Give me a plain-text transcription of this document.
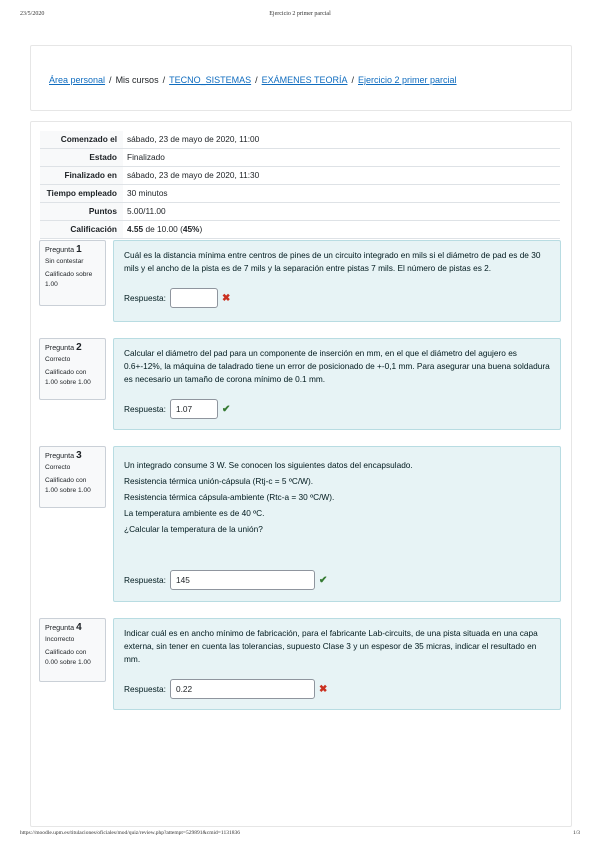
23/5/2020	Ejercicio 2 primer parcial
Área personal / Mis cursos / TECNO_SISTEMAS / EXÁMENES TEORÍA / Ejercicio 2 primer parcial
Comenzado el	sábado, 23 de mayo de 2020, 11:00
Estado	Finalizado
Finalizado en	sábado, 23 de mayo de 2020, 11:30
Tiempo empleado	30 minutos
Puntos	5.00/11.00
Calificación	4.55 de 10.00 (45%)
Pregunta 1
Sin contestar
Calificado sobre 1.00

Cuál es la distancia mínima entre centros de pines de un circuito integrado en mils si el diámetro de pad es de 30 mils y el ancho de la pista es de 7 mils y la separación entre pistas 7 mils. El número de pistas es 2.

Respuesta:	✖
Pregunta 2
Correcto
Calificado con 1.00 sobre 1.00

Calcular el diámetro del pad para un componente de inserción en mm, en el que el diámetro del agujero es 0.6+-12%, la máquina de taladrado tiene un error de posicionado de +-0,1 mm. Para asegurar una buena soldadura es necesario un tamaño de corona mínimo de 0.1 mm.

Respuesta:	1.07	✔
Pregunta 3
Correcto
Calificado con 1.00 sobre 1.00

Un integrado consume 3 W. Se conocen los siguientes datos del encapsulado.

Resistencia térmica unión-cápsula (Rtj-c = 5 ºC/W).

Resistencia térmica cápsula-ambiente (Rtc-a = 30 ºC/W).

La temperatura ambiente es de 40 ºC.

¿Calcular la temperatura de la unión?

Respuesta:	145	✔
Pregunta 4
Incorrecto
Calificado con 0.00 sobre 1.00

Indicar cuál es en ancho mínimo de fabricación, para el fabricante Lab-circuits, de una pista situada en una capa externa, sin tener en cuenta las tolerancias, supuesto Clase 3 y un espesor de 35 micras, indicar el resultado en mm.

Respuesta:	0.22	✖
https://moodle.upm.es/titulaciones/oficiales/mod/quiz/review.php?attempt=529891&cmid=1131836	1/3
